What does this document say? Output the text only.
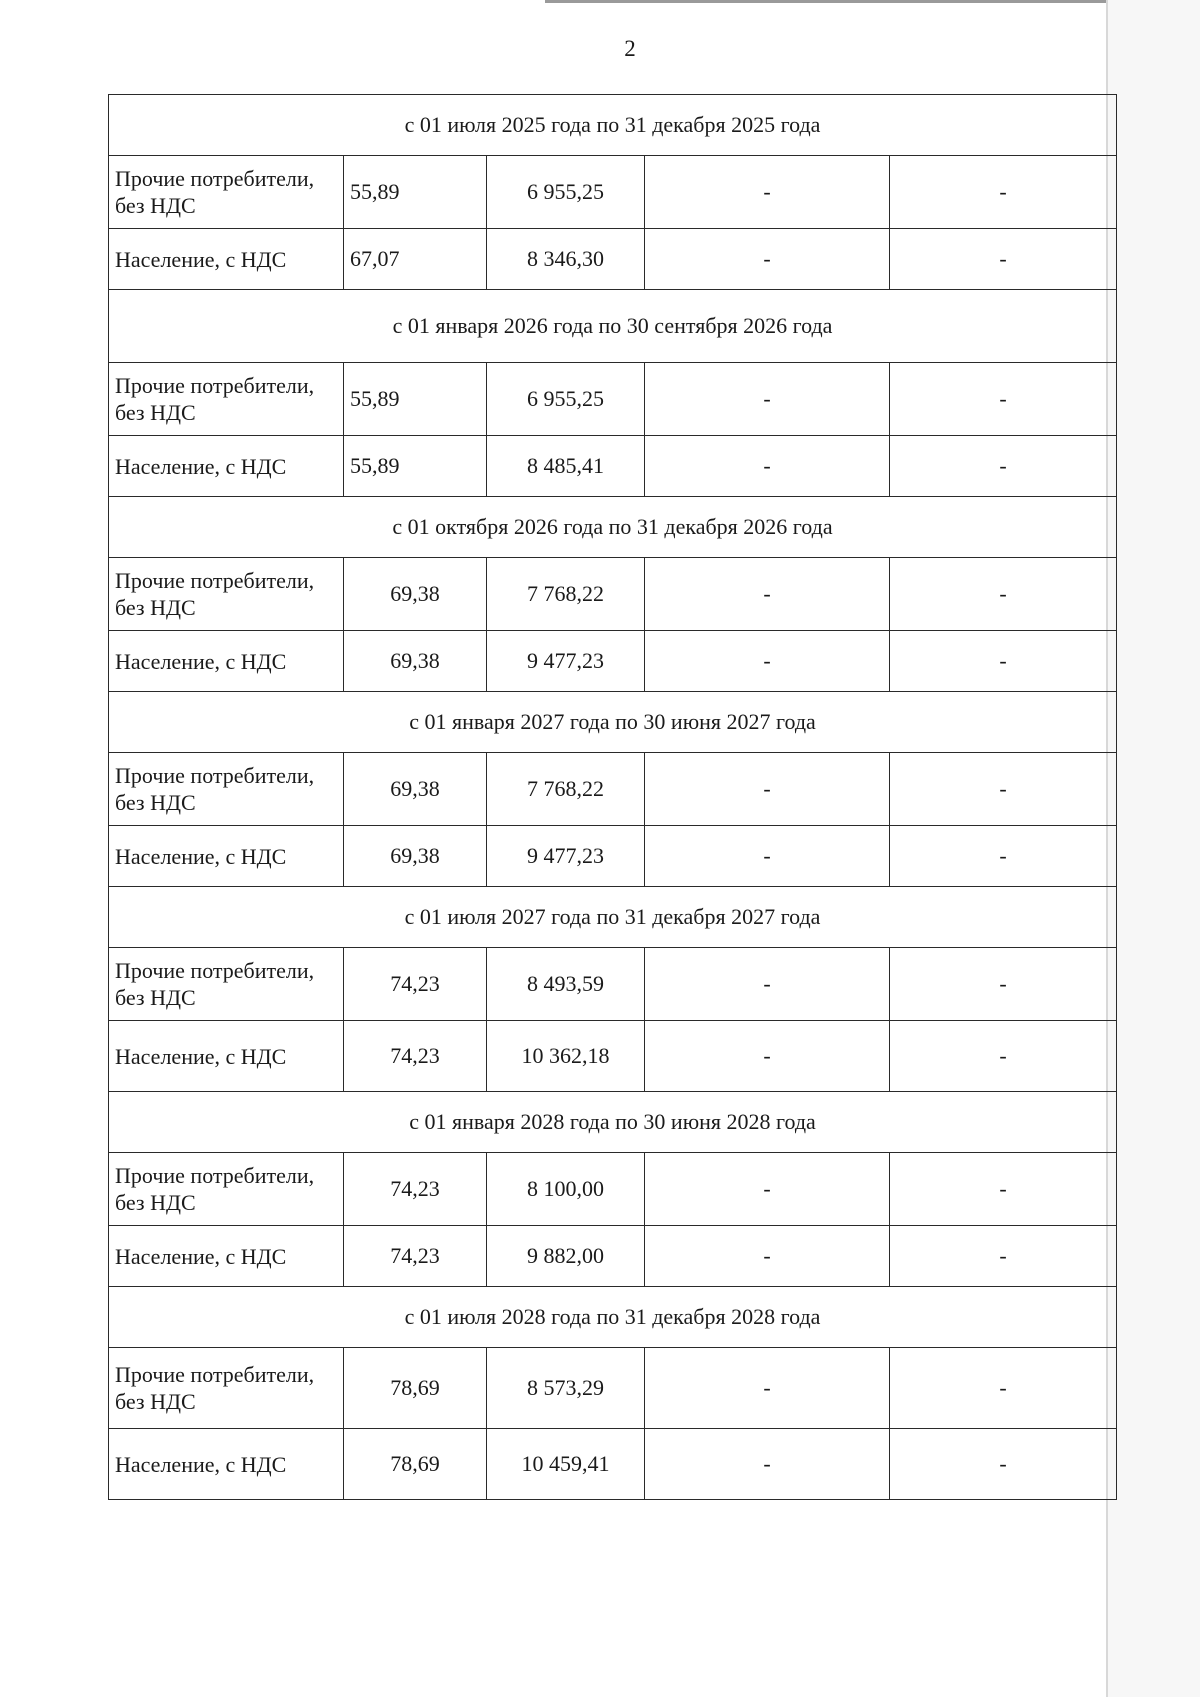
2
с 01 июля 2025 года по 31 декабря 2025 года				
Прочие потребители, без НДС	55,89	6 955,25	-	-
Население, с НДС	67,07	8 346,30	-	-
с 01 января 2026 года по 30 сентября 2026 года				
Прочие потребители, без НДС	55,89	6 955,25	-	-
Население, с НДС	55,89	8 485,41	-	-
с 01 октября 2026 года по 31 декабря 2026 года				
Прочие потребители, без НДС	69,38	7 768,22	-	-
Население, с НДС	69,38	9 477,23	-	-
с 01 января 2027 года по 30 июня 2027 года				
Прочие потребители, без НДС	69,38	7 768,22	-	-
Население, с НДС	69,38	9 477,23	-	-
с 01 июля 2027 года по 31 декабря 2027 года				
Прочие потребители, без НДС	74,23	8 493,59	-	-
Население, с НДС	74,23	10 362,18	-	-
с 01 января 2028 года по 30 июня 2028 года				
Прочие потребители, без НДС	74,23	8 100,00	-	-
Население, с НДС	74,23	9 882,00	-	-
с 01 июля 2028 года по 31 декабря 2028 года				
Прочие потребители, без НДС	78,69	8 573,29	-	-
Население, с НДС	78,69	10 459,41	-	-
